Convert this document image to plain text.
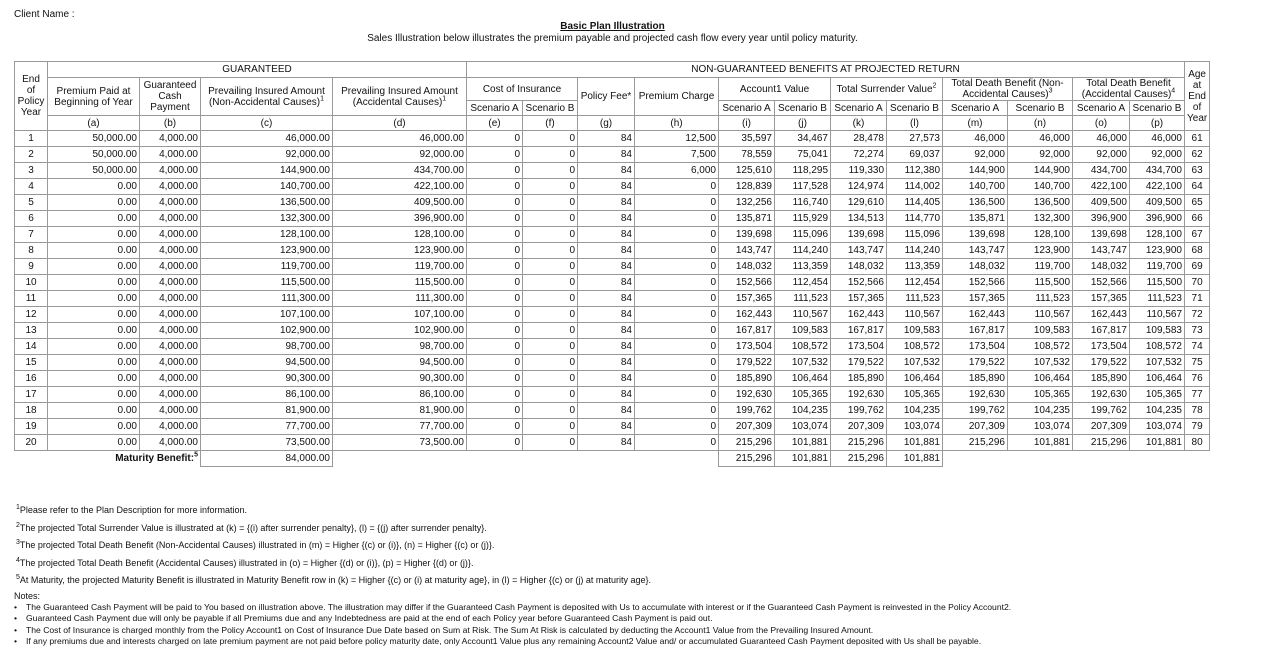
Client Name :
Basic Plan Illustration
Sales Illustration below illustrates the premium payable and projected cash flow every year until policy maturity.
End of Policy Year	GUARANTEED				NON-GUARANTEED BENEFITS AT PROJECTED RETURN												Age at End of Year

	Premium Paid at Beginning of Year	Guaranteed Cash Payment	Prevailing Insured Amount (Non-Accidental Causes)$^1$	Prevailing Insured Amount (Accidental Causes)$^1$	Cost of Insurance		Policy Fee*	Premium Charge	Account1 Value		Total Surrender Value$^2$		Total Death Benefit (Non-Accidental Causes)$^3$		Total Death Benefit (Accidental Causes)$^4$

					Scenario A	Scenario B			Scenario A	Scenario B	Scenario A	Scenario B	Scenario A	Scenario B	Scenario A	Scenario B	
	(a)	(b)	(c)	(d)	(e)	(f)	(g)	(h)	(i)	(j)	(k)	(l)	(m)	(n)	(o)	(p)	
1	50,000.00	4,000.00	46,000.00	46,000.00	0	0	84	12,500	35,597	34,467	28,478	27,573	46,000	46,000	46,000	46,000	61
2	50,000.00	4,000.00	92,000.00	92,000.00	0	0	84	7,500	78,559	75,041	72,274	69,037	92,000	92,000	92,000	92,000	62
3	50,000.00	4,000.00	144,900.00	434,700.00	0	0	84	6,000	125,610	118,295	119,330	112,380	144,900	144,900	434,700	434,700	63
4	0.00	4,000.00	140,700.00	422,100.00	0	0	84	0	128,839	117,528	124,974	114,002	140,700	140,700	422,100	422,100	64
5	0.00	4,000.00	136,500.00	409,500.00	0	0	84	0	132,256	116,740	129,610	114,405	136,500	136,500	409,500	409,500	65
6	0.00	4,000.00	132,300.00	396,900.00	0	0	84	0	135,871	115,929	134,513	114,770	135,871	132,300	396,900	396,900	66
7	0.00	4,000.00	128,100.00	128,100.00	0	0	84	0	139,698	115,096	139,698	115,096	139,698	128,100	139,698	128,100	67
8	0.00	4,000.00	123,900.00	123,900.00	0	0	84	0	143,747	114,240	143,747	114,240	143,747	123,900	143,747	123,900	68
9	0.00	4,000.00	119,700.00	119,700.00	0	0	84	0	148,032	113,359	148,032	113,359	148,032	119,700	148,032	119,700	69
10	0.00	4,000.00	115,500.00	115,500.00	0	0	84	0	152,566	112,454	152,566	112,454	152,566	115,500	152,566	115,500	70
11	0.00	4,000.00	111,300.00	111,300.00	0	0	84	0	157,365	111,523	157,365	111,523	157,365	111,523	157,365	111,523	71
12	0.00	4,000.00	107,100.00	107,100.00	0	0	84	0	162,443	110,567	162,443	110,567	162,443	110,567	162,443	110,567	72
13	0.00	4,000.00	102,900.00	102,900.00	0	0	84	0	167,817	109,583	167,817	109,583	167,817	109,583	167,817	109,583	73
14	0.00	4,000.00	98,700.00	98,700.00	0	0	84	0	173,504	108,572	173,504	108,572	173,504	108,572	173,504	108,572	74
15	0.00	4,000.00	94,500.00	94,500.00	0	0	84	0	179,522	107,532	179,522	107,532	179,522	107,532	179,522	107,532	75
16	0.00	4,000.00	90,300.00	90,300.00	0	0	84	0	185,890	106,464	185,890	106,464	185,890	106,464	185,890	106,464	76
17	0.00	4,000.00	86,100.00	86,100.00	0	0	84	0	192,630	105,365	192,630	105,365	192,630	105,365	192,630	105,365	77
18	0.00	4,000.00	81,900.00	81,900.00	0	0	84	0	199,762	104,235	199,762	104,235	199,762	104,235	199,762	104,235	78
19	0.00	4,000.00	77,700.00	77,700.00	0	0	84	0	207,309	103,074	207,309	103,074	207,309	103,074	207,309	103,074	79
20	0.00	4,000.00	73,500.00	73,500.00	0	0	84	0	215,296	101,881	215,296	101,881	215,296	101,881	215,296	101,881	80
	Maturity Benefit:$^5$		84,000.00						215,296	101,881	215,296	101,881					
$^1$Please refer to the Plan Description for more information.
$^2$The projected Total Surrender Value is illustrated at (k) = {(i) after surrender penalty}, (l) = {(j) after surrender penalty}.
$^3$The projected Total Death Benefit (Non-Accidental Causes) illustrated in (m) = Higher {(c) or (i)}, (n) = Higher {(c) or (j)}.
$^4$The projected Total Death Benefit (Accidental Causes) illustrated in (o) = Higher {(d) or (i)}, (p) = Higher {(d) or (j)}.
$^5$At Maturity, the projected Maturity Benefit is illustrated in Maturity Benefit row in (k) = Higher {(c) or (i) at maturity age}, in (l) = Higher {(c) or (j) at maturity age}.
Notes:
• The Guaranteed Cash Payment will be paid to You based on illustration above. The illustration may differ if the Guaranteed Cash Payment is deposited with Us to accumulate with interest or if the Guaranteed Cash Payment is reinvested in the Policy Account2.
• Guaranteed Cash Payment due will only be payable if all Premiums due and any Indebtedness are paid at the end of each Policy year before Guaranteed Cash Payment is paid out.
• The Cost of Insurance is charged monthly from the Policy Account1 on Cost of Insurance Due Date based on Sum at Risk. The Sum At Risk is calculated by deducting the Account1 Value from the Prevailing Insured Amount.
• If any premiums due and interests charged on late premium payment are not paid before policy maturity date, only Account1 Value plus any remaining Account2 Value and/ or accumulated Guaranteed Cash Payment deposited with Us shall be payable.
